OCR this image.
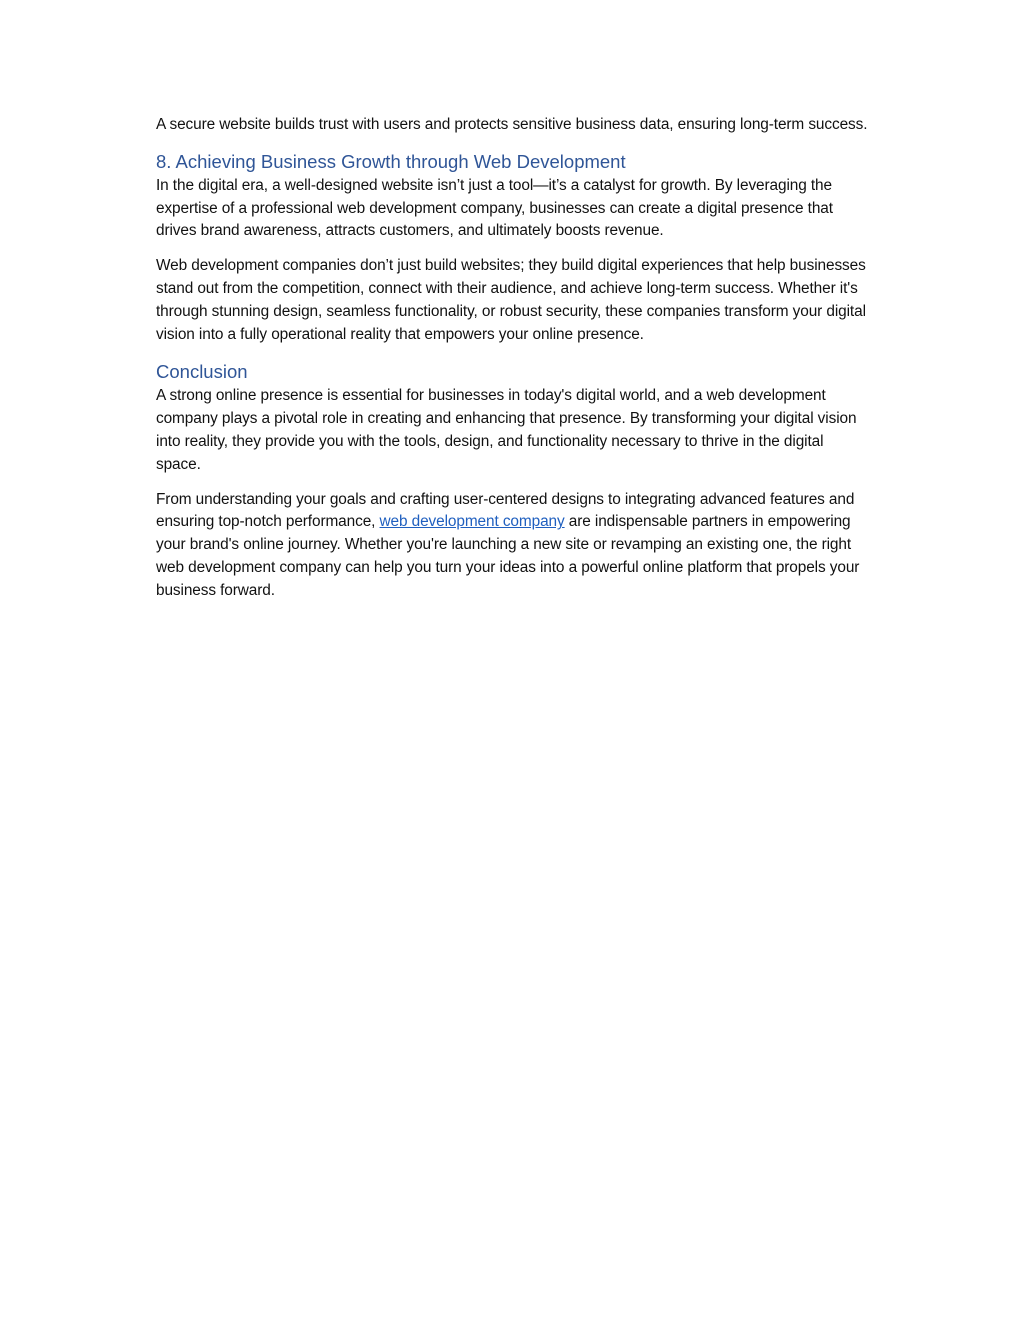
A secure website builds trust with users and protects sensitive business data, ensuring long-term success.

8. Achieving Business Growth through Web Development

In the digital era, a well-designed website isn’t just a tool—it’s a catalyst for growth. By leveraging the expertise of a professional web development company, businesses can create a digital presence that drives brand awareness, attracts customers, and ultimately boosts revenue.

Web development companies don’t just build websites; they build digital experiences that help businesses stand out from the competition, connect with their audience, and achieve long-term success. Whether it's through stunning design, seamless functionality, or robust security, these companies transform your digital vision into a fully operational reality that empowers your online presence.

Conclusion

A strong online presence is essential for businesses in today's digital world, and a web development company plays a pivotal role in creating and enhancing that presence. By transforming your digital vision into reality, they provide you with the tools, design, and functionality necessary to thrive in the digital space.

From understanding your goals and crafting user-centered designs to integrating advanced features and ensuring top-notch performance, web development company are indispensable partners in empowering your brand's online journey. Whether you're launching a new site or revamping an existing one, the right web development company can help you turn your ideas into a powerful online platform that propels your business forward.
